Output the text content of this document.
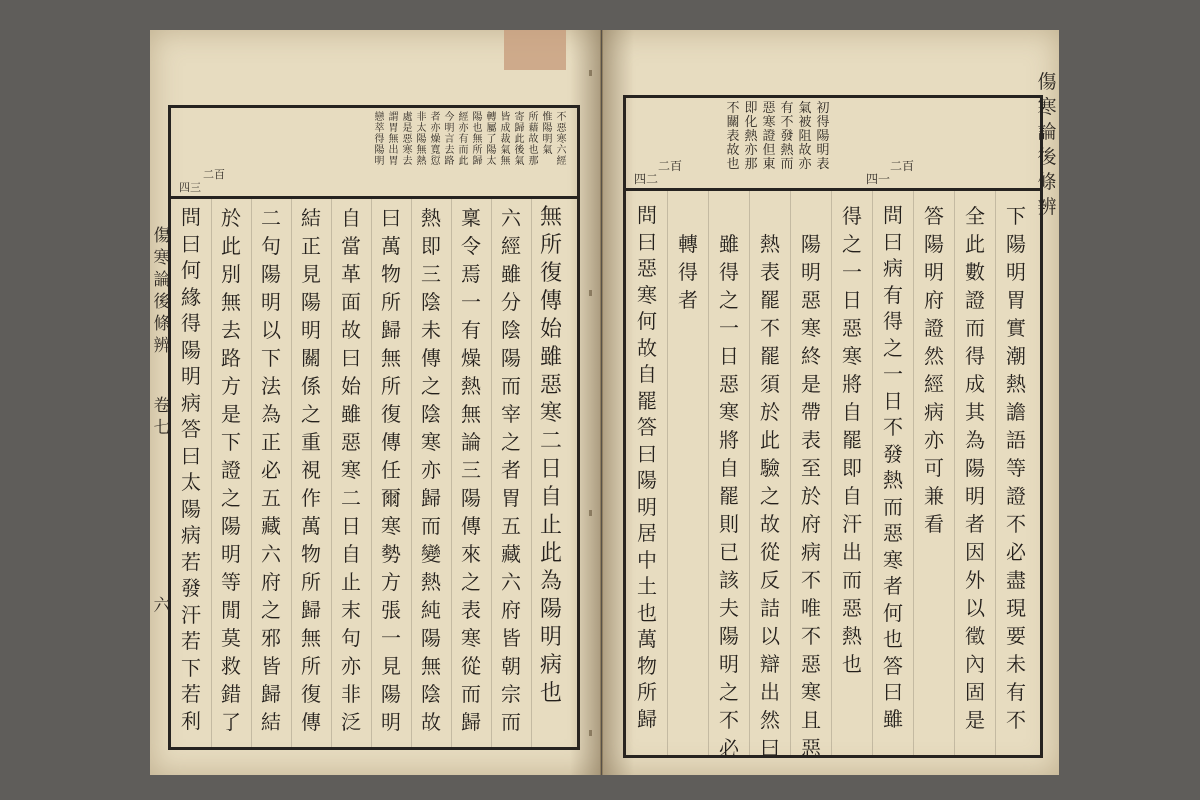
傷寒論後條辨
卷七
六
不惡寒六經
惟陽明氣
所藉故也那
寄歸此後氣
皆成裁氣無
轉屬了陽太
陽也無所歸
經亦有而此
今明言去路
者亦燥寬愆
非太陽無熱
處是惡寒去
謂胃無出胃
戀萃得陽明
二百
四三
無所復傳始雖惡寒二日自止此為陽明病也
六經雖分陰陽而宰之者胃五藏六府皆朝宗而
稟令焉一有燥熱無論三陽傳來之表寒從而歸
熱即三陰未傳之陰寒亦歸而變熱純陽無陰故
曰萬物所歸無所復傳任爾寒勢方張一見陽明
自當革面故曰始雖惡寒二日自止末句亦非泛
結正見陽明關係之重視作萬物所歸無所復傳
二句陽明以下法為正必五藏六府之邪皆歸結
於此別無去路方是下證之陽明等閒莫救錯了
問曰何緣得陽明病答曰太陽病若發汗若下若利
傷寒論後條辨
初得陽明表
氣被阻故亦
有不發熱而
惡寒證但東
即化熱亦那
不關表故也	二百
四一
二百
四二
下陽明胃實潮熱譫語等證不必盡現要未有不
全此數證而得成其為陽明者因外以徵內固是
答陽明府證然經病亦可兼看
問曰病有得之一日不發熱而惡寒者何也答曰雖
得之一日惡寒將自罷即自汗出而惡熱也
陽明惡寒終是帶表至於府病不唯不惡寒且惡
熱表罷不罷須於此驗之故從反詰以辯出然曰
雖得之一日惡寒將自罷則已該夫陽明之不必
轉得者
問曰惡寒何故自罷答曰陽明居中土也萬物所歸
